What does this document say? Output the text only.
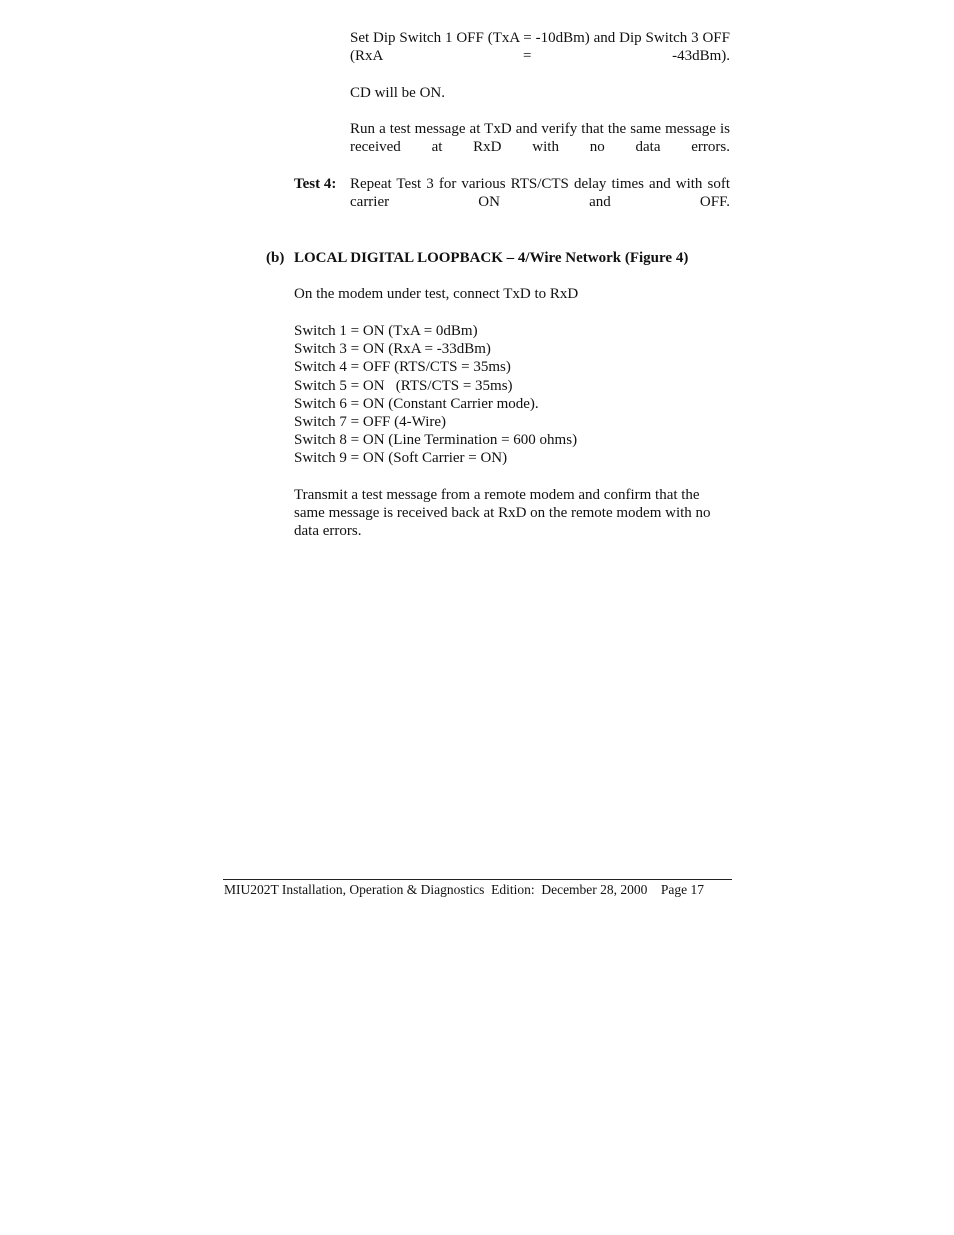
Set Dip Switch 1 OFF (TxA = -10dBm) and Dip Switch 3 OFF (RxA = -43dBm).
CD will be ON.
Run a test message at TxD and verify that the same message is received at RxD with no data errors.
Test 4: Repeat Test 3 for various RTS/CTS delay times and with soft carrier ON and OFF.
(b) LOCAL DIGITAL LOOPBACK – 4/Wire Network (Figure 4)
On the modem under test, connect TxD to RxD
Switch 1 = ON (TxA = 0dBm)
Switch 3 = ON (RxA = -33dBm)
Switch 4 = OFF (RTS/CTS = 35ms)
Switch 5 = ON   (RTS/CTS = 35ms)
Switch 6 = ON (Constant Carrier mode).
Switch 7 = OFF (4-Wire)
Switch 8 = ON (Line Termination = 600 ohms)
Switch 9 = ON (Soft Carrier = ON)
Transmit a test message from a remote modem and confirm that the same message is received back at RxD on the remote modem with no data errors.
MIU202T Installation, Operation & Diagnostics  Edition:  December 28, 2000    Page 17
